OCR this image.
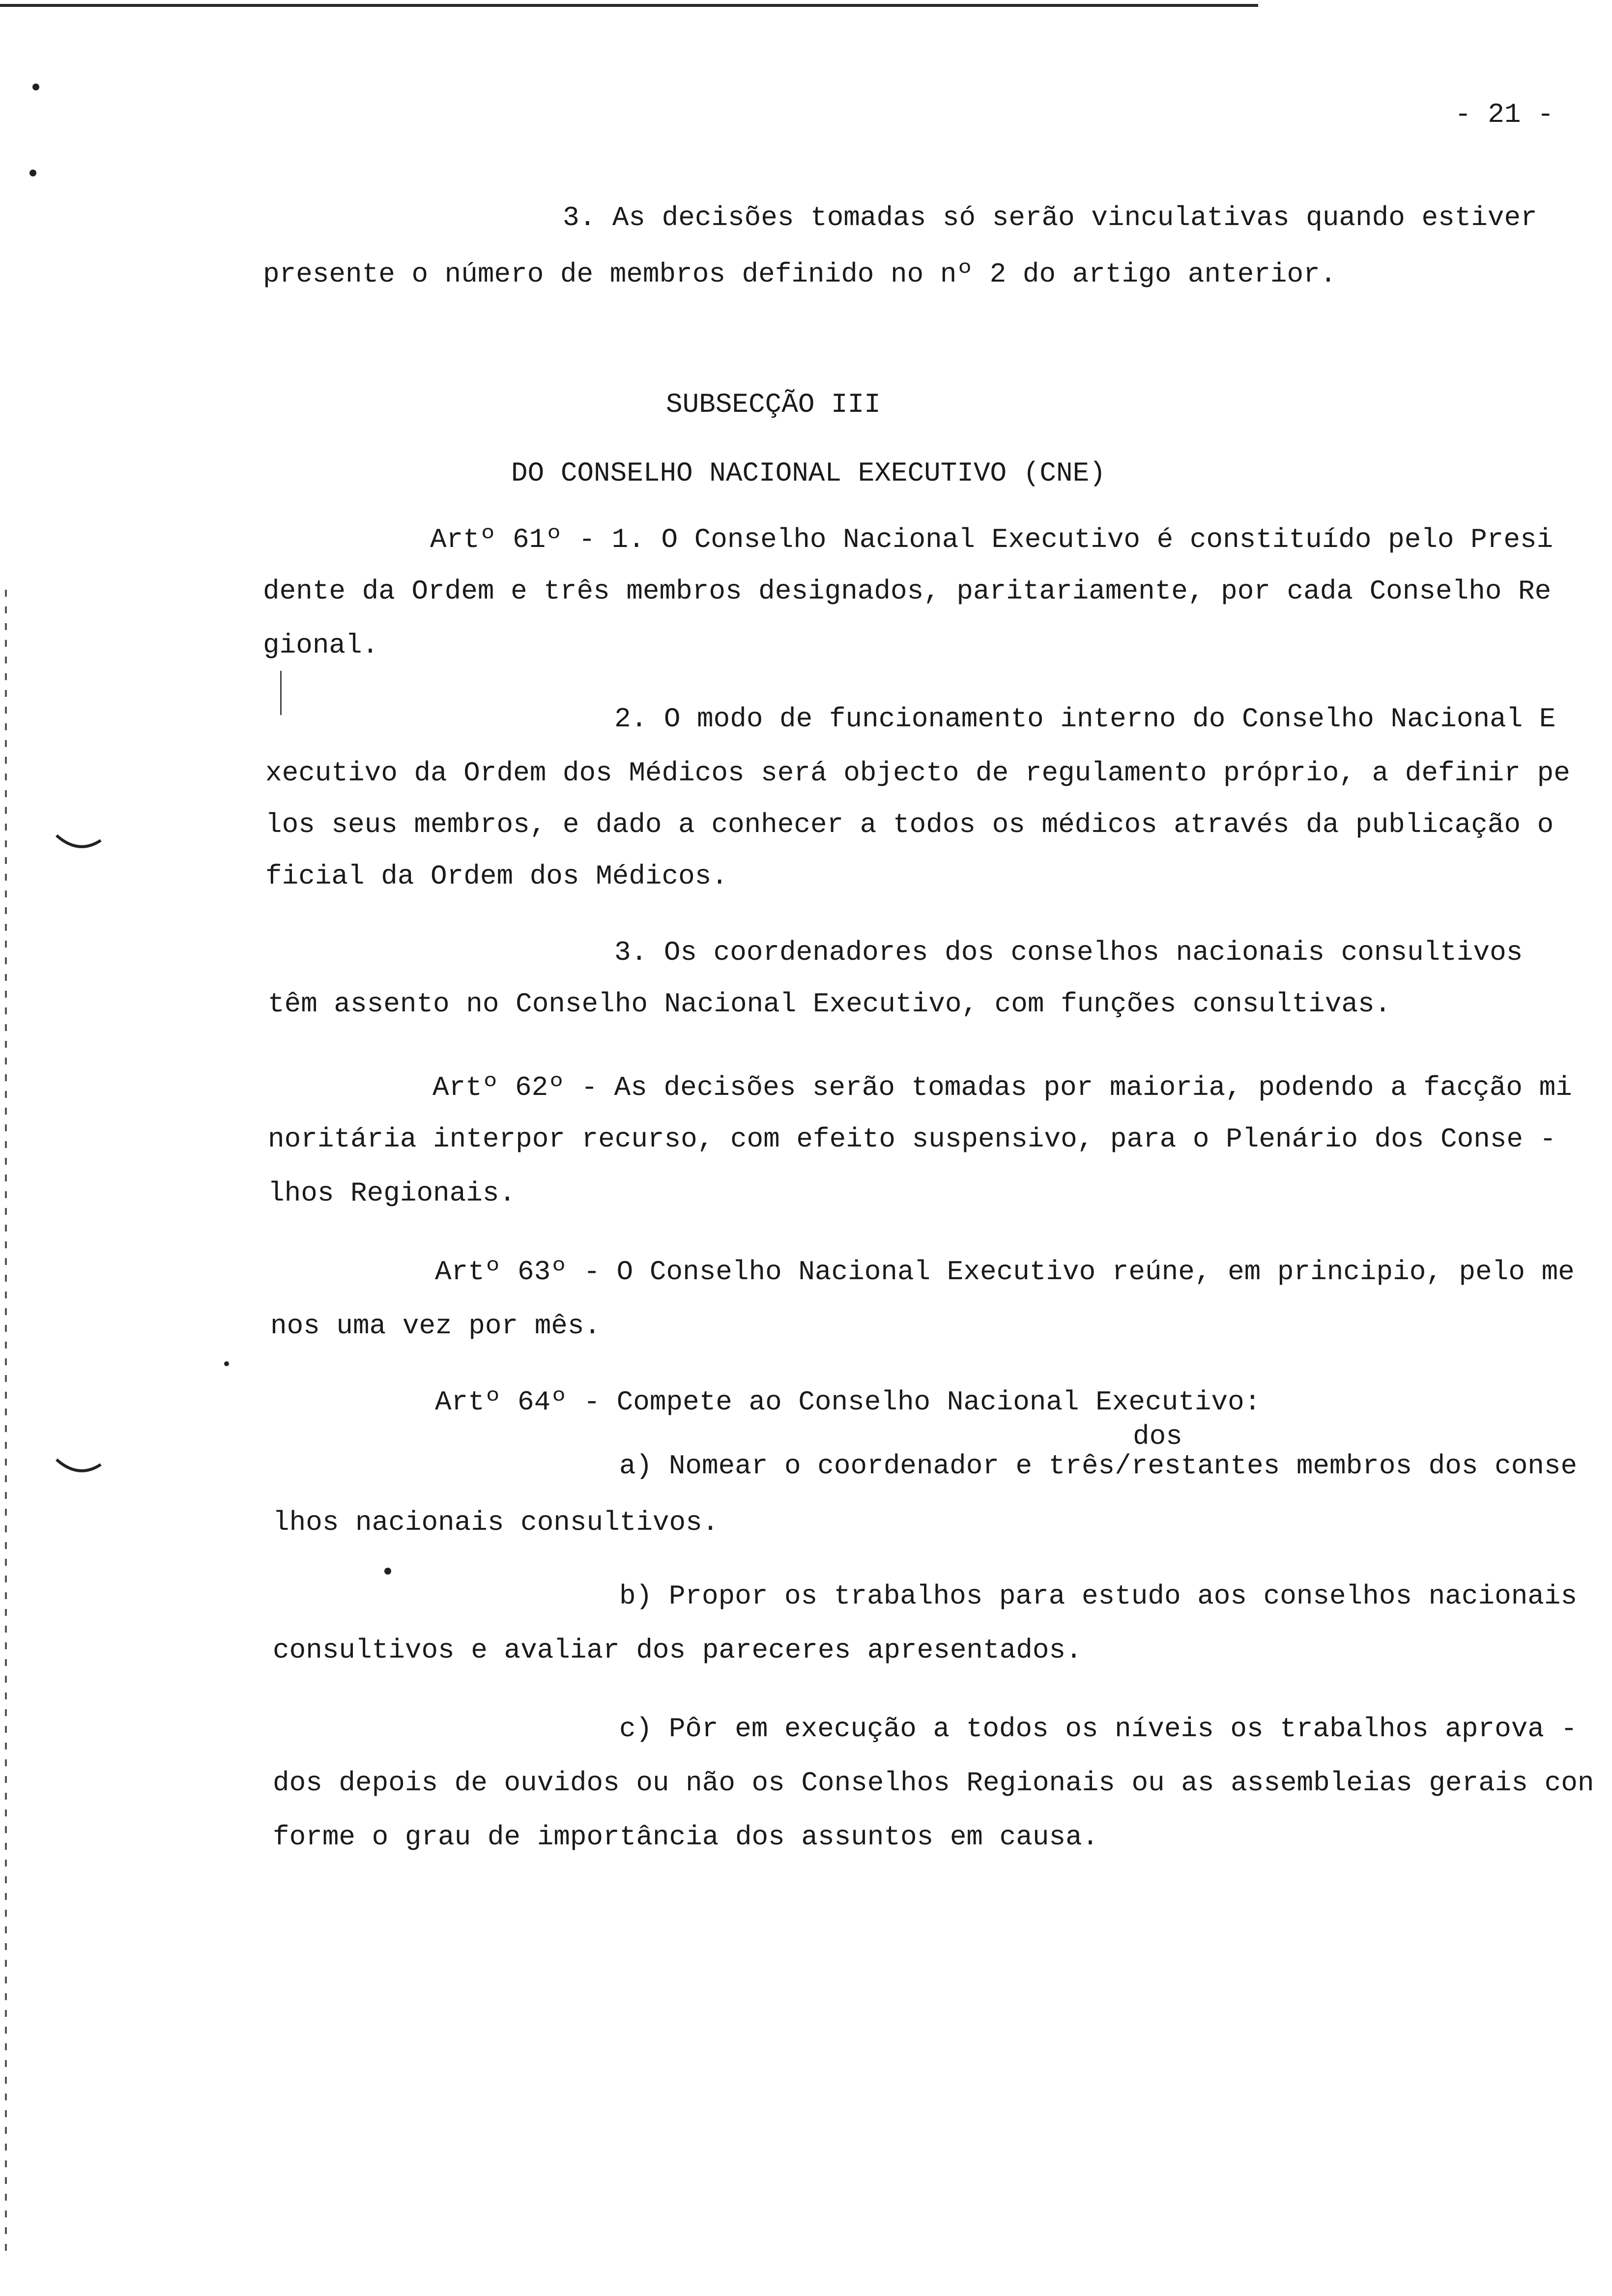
- 21 -
3. As decisões tomadas só serão vinculativas quando estiver
presente o número de membros definido no nº 2 do artigo anterior.
SUBSECÇÃO III
DO CONSELHO NACIONAL EXECUTIVO (CNE)
Artº 61º - 1. O Conselho Nacional Executivo é constituído pelo Presi
dente da Ordem e três membros designados, paritariamente, por cada Conselho Re
gional.
2. O modo de funcionamento interno do Conselho Nacional E
xecutivo da Ordem dos Médicos será objecto de regulamento próprio, a definir pe
los seus membros, e dado a conhecer a todos os médicos através da publicação o
ficial da Ordem dos Médicos.
3. Os coordenadores dos conselhos nacionais consultivos
têm assento no Conselho Nacional Executivo, com funções consultivas.
Artº 62º - As decisões serão tomadas por maioria, podendo a facção mi
noritária interpor recurso, com efeito suspensivo, para o Plenário dos Conse -
lhos Regionais.
Artº 63º - O Conselho Nacional Executivo reúne, em principio, pelo me
nos uma vez por mês.
Artº 64º - Compete ao Conselho Nacional Executivo:
dos
a) Nomear o coordenador e três/restantes membros dos conse
lhos nacionais consultivos.
b) Propor os trabalhos para estudo aos conselhos nacionais
consultivos e avaliar dos pareceres apresentados.
c) Pôr em execução a todos os níveis os trabalhos aprova -
dos depois de ouvidos ou não os Conselhos Regionais ou as assembleias gerais con
forme o grau de importância dos assuntos em causa.
